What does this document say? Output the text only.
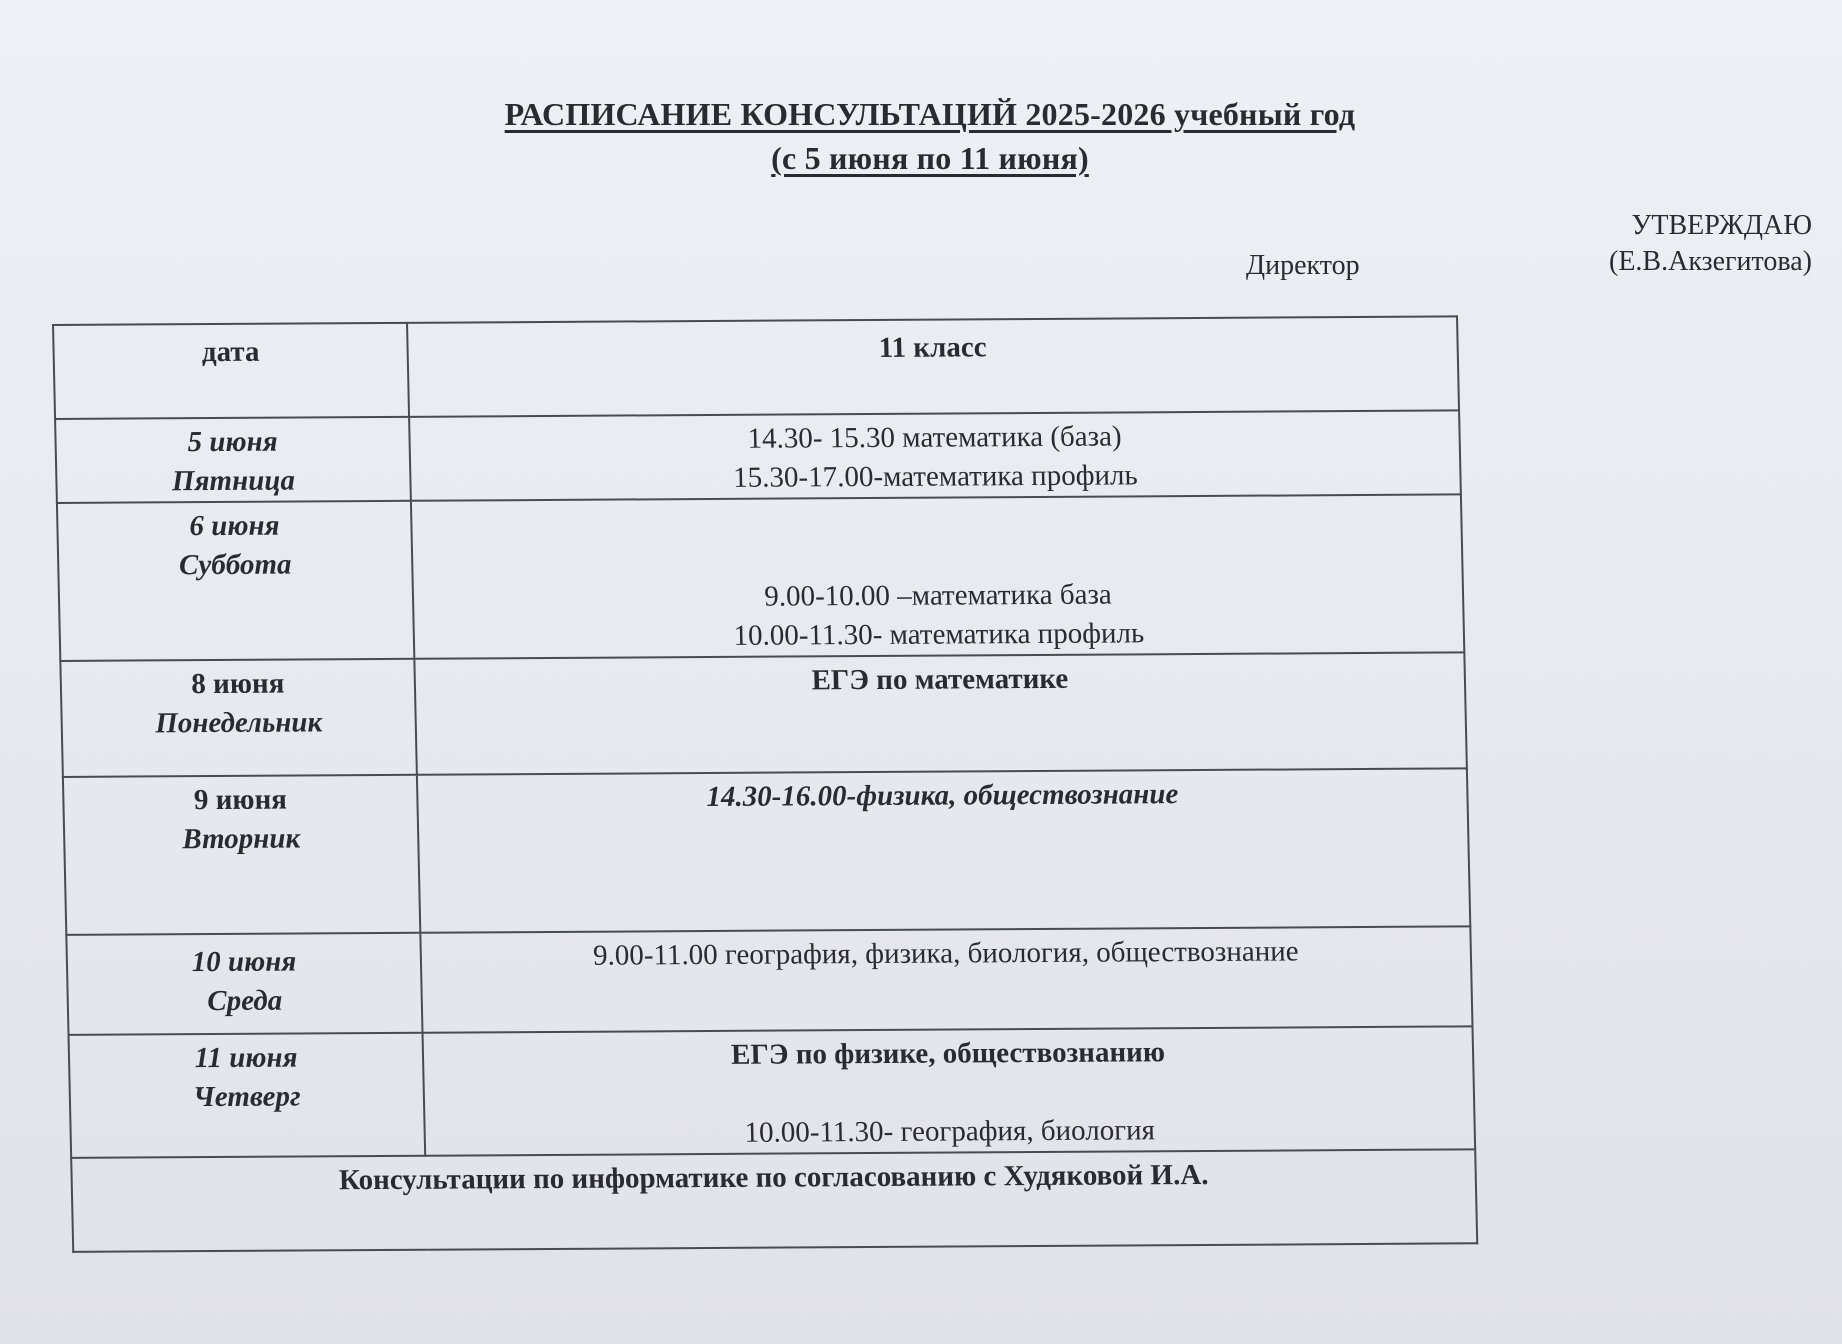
РАСПИСАНИЕ КОНСУЛЬТАЦИЙ 2025-2026 учебный год
(с 5 июня по 11 июня)
УТВЕРЖДАЮ
Директор	(Е.В.Акзегитова)
дата	11 класс

5 июня
Пятница	14.30- 15.30 математика (база)
15.30-17.00-математика профиль

6 июня
Суббота	9.00-10.00 –математика база
10.00-11.30- математика профиль

8 июня
Понедельник	ЕГЭ по математике

9 июня
Вторник	14.30-16.00-физика, обществознание

10 июня
Среда	9.00-11.00 география, физика, биология, обществознание

11 июня
Четверг	ЕГЭ по физике, обществознанию
10.00-11.30- география, биология

Консультации по информатике по согласованию с Худяковой И.А.	
